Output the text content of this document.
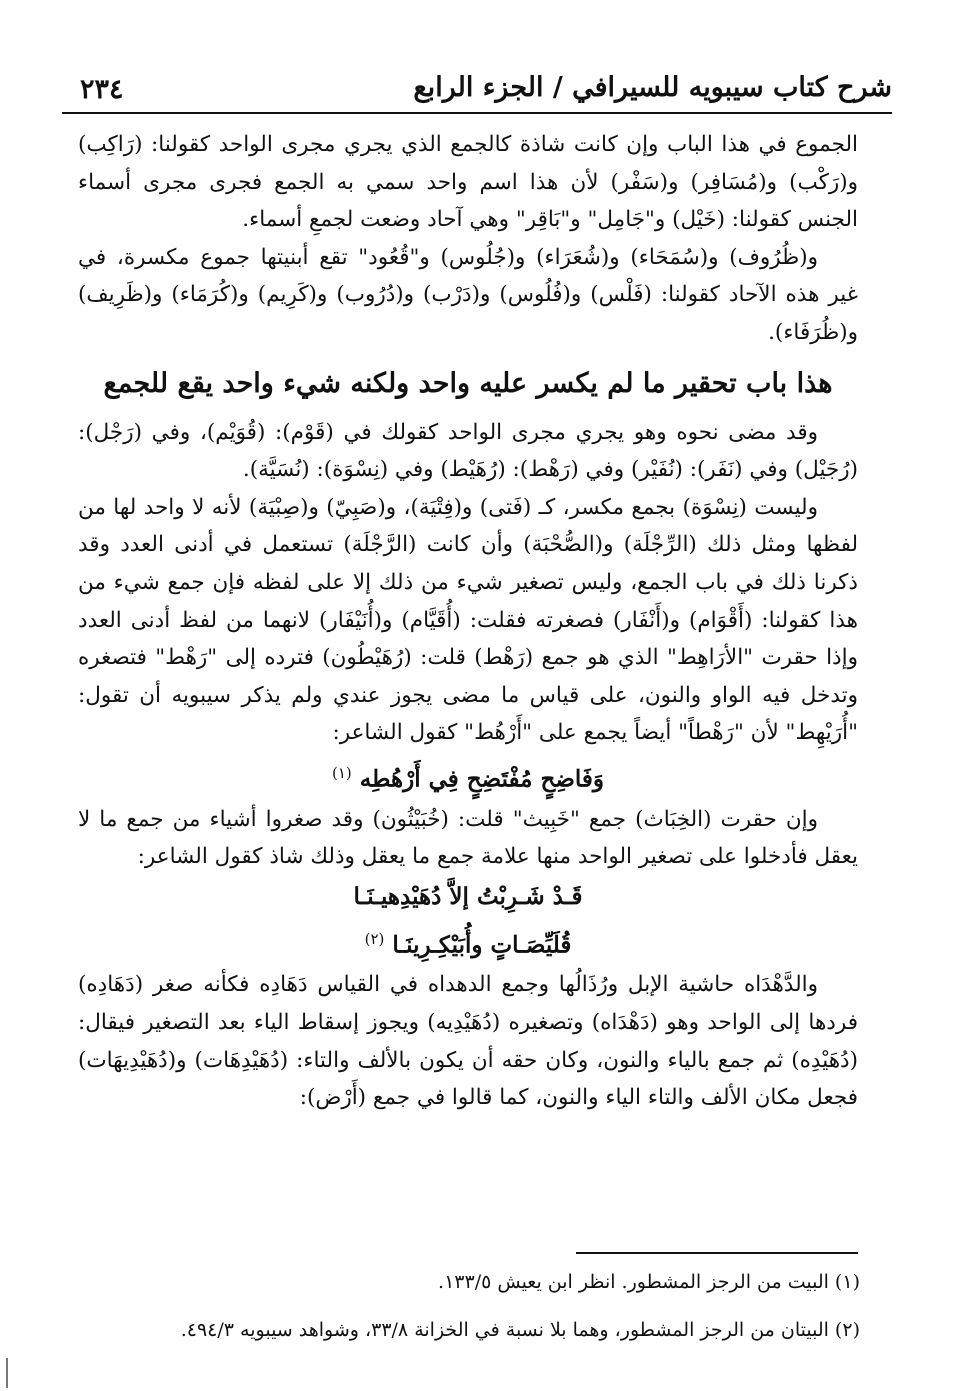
شرح كتاب سيبويه للسيرافي / الجزء الرابع
٢٣٤

الجموع في هذا الباب وإن كانت شاذة كالجمع الذي يجري مجرى الواحد كقولنا: (رَاكِب) و(رَكْب) و(مُسَافِر) و(سَفْر) لأن هذا اسم واحد سمي به الجمع فجرى مجرى أسماء الجنس كقولنا: (خَيْل) و"جَامِل" و"بَاقِر" وهي آحاد وضعت لجمعِ أسماء.

و(ظُرُوف) و(سُمَحَاء) و(شُعَرَاء) و(جُلُوس) و"قُعُود" تقع أبنيتها جموع مكسرة، في غير هذه الآحاد كقولنا: (فَلْس) و(فُلُوس) و(دَرْب) و(دُرُوب) و(كَرِيم) و(كُرَمَاء) و(ظَرِيف) و(ظُرَفَاء).

هذا باب تحقير ما لم يكسر عليه واحد ولكنه شيء واحد يقع للجمع

وقد مضى نحوه وهو يجري مجرى الواحد كقولك في (قَوْم): (قُوَيْم)، وفي (رَجْل): (رُجَيْل) وفي (نَفَر): (نُفَيْر) وفي (رَهْط): (رُهَيْط) وفي (نِسْوَة): (نُسَيَّة).

وليست (نِسْوَة) بجمع مكسر، كـ (فَتى) و(فِتْيَة)، و(صَبِيّ) و(صِبْيَة) لأنه لا واحد لها من لفظها ومثل ذلك (الرِّجْلَة) و(الصُّحْبَة) وأن كانت (الرَّجْلَة) تستعمل في أدنى العدد وقد ذكرنا ذلك في باب الجمع، وليس تصغير شيء من ذلك إلا على لفظه فإن جمع شيء من هذا كقولنا: (أَقْوَام) و(أَنْفَار) فصغرته فقلت: (أُقَيَّام) و(أُنَيْفَار) لانهما من لفظ أدنى العدد وإذا حقرت "الأرَاهِط" الذي هو جمع (رَهْط) قلت: (رُهَيْطُون) فترده إلى "رَهْط" فتصغره وتدخل فيه الواو والنون، على قياس ما مضى يجوز عندي ولم يذكر سيبويه أن تقول: "أُرَيْهِط" لأن "رَهْطاً" أيضاً يجمع على "أَرْهُط" كقول الشاعر:

وَفَاضِحٍ مُفْتَضِحٍ فِي أَرْهُطِه $^{(١)}$

وإن حقرت (الخِبَاث) جمع "خَبِيث" قلت: (خُبَيْثُون) وقد صغروا أشياء من جمع ما لا يعقل فأدخلوا على تصغير الواحد منها علامة جمع ما يعقل وذلك شاذ كقول الشاعر:

قَـدْ شَـرِبْتُ إلاَّ دُهَيْدِهيـنَـا

قُلَيِّصَـاتٍ وأُبَيْكِـرِينَـا $^{(٢)}$

والدَّهْدَاه حاشية الإبل ورُذَالُها وجمع الدهداه في القياس دَهَادِه فكأنه صغر (دَهَادِه) فردها إلى الواحد وهو (دَهْدَاه) وتصغيره (دُهَيْدِيه) ويجوز إسقاط الياء بعد التصغير فيقال: (دُهَيْدِه) ثم جمع بالياء والنون، وكان حقه أن يكون بالألف والتاء: (دُهَيْدِهَات) و(دُهَيْدِيهَات) فجعل مكان الألف والتاء الياء والنون، كما قالوا في جمع (أَرْض):

(١) البيت من الرجز المشطور. انظر ابن يعيش ١٣٣/٥.

(٢) البيتان من الرجز المشطور، وهما بلا نسبة في الخزانة ٣٣/٨، وشواهد سيبويه ٤٩٤/٣.
